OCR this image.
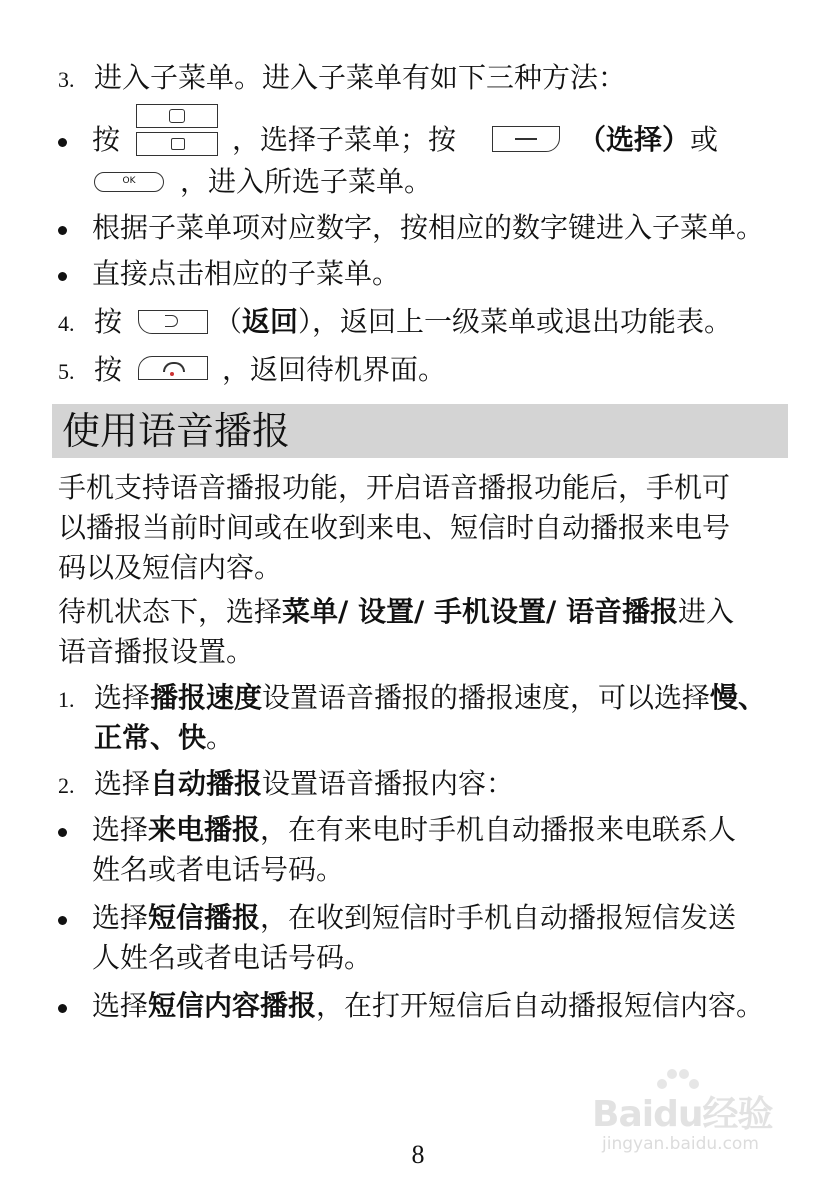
3. 进入子菜单。进入子菜单有如下三种方法：
按	，选择子菜单；按	（选择）或
OK	，进入所选子菜单。
根据子菜单项对应数字，按相应的数字键进入子菜单。
直接点击相应的子菜单。
4. 按	（返回），返回上一级菜单或退出功能表。
5. 按	，返回待机界面。
使用语音播报
手机支持语音播报功能，开启语音播报功能后，手机可
以播报当前时间或在收到来电、短信时自动播报来电号
码以及短信内容。
待机状态下，选择菜单/ 设置/ 手机设置/ 语音播报进入
语音播报设置。
1. 选择播报速度设置语音播报的播报速度，可以选择慢、
正常、快。
2. 选择自动播报设置语音播报内容：
选择来电播报，在有来电时手机自动播报来电联系人
姓名或者电话号码。
选择短信播报，在收到短信时手机自动播报短信发送
人姓名或者电话号码。
选择短信内容播报，在打开短信后自动播报短信内容。
Baidu经验
jingyan.baidu.com
8
